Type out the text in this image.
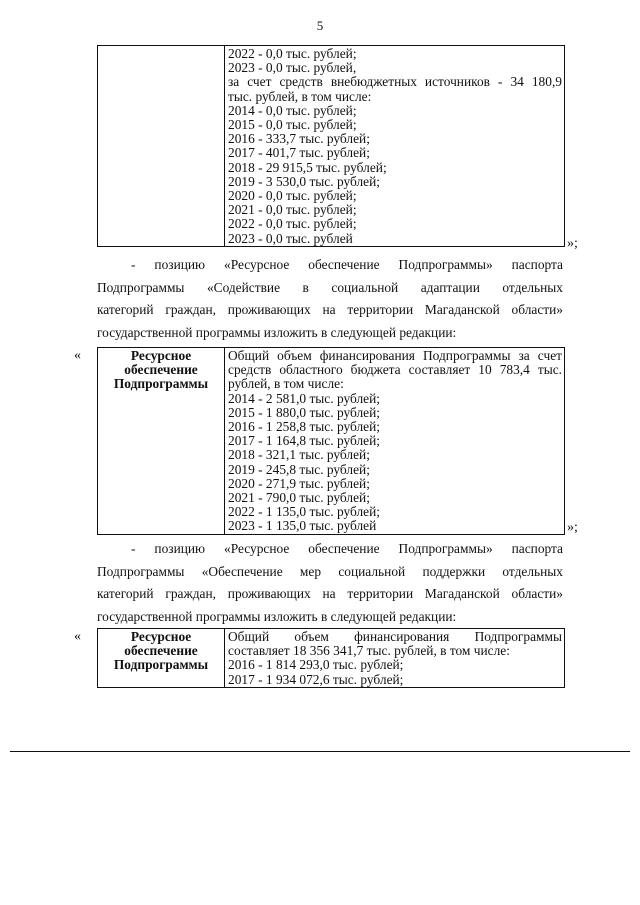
5

2022 - 0,0 тыс. рублей;
2023 - 0,0 тыс. рублей,
за счет средств внебюджетных источников - 34 180,9
тыс. рублей, в том числе:
2014 - 0,0 тыс. рублей;
2015 - 0,0 тыс. рублей;
2016 - 333,7 тыс. рублей;
2017 - 401,7 тыс. рублей;
2018 - 29 915,5 тыс. рублей;
2019 - 3 530,0 тыс. рублей;
2020 - 0,0 тыс. рублей;
2021 - 0,0 тыс. рублей;
2022 - 0,0 тыс. рублей;
2023 - 0,0 тыс. рублей	»;
- позицию «Ресурсное обеспечение Подпрограммы» паспорта
Подпрограммы «Содействие в социальной адаптации отдельных
категорий граждан, проживающих на территории Магаданской области»
государственной программы изложить в следующей редакции:
«	Ресурсное
обеспечение
Подпрограммы

Общий объем финансирования Подпрограммы за счет
средств областного бюджета составляет 10 783,4 тыс.
рублей, в том числе:
2014 - 2 581,0 тыс. рублей;
2015 - 1 880,0 тыс. рублей;
2016 - 1 258,8 тыс. рублей;
2017 - 1 164,8 тыс. рублей;
2018 - 321,1 тыс. рублей;
2019 - 245,8 тыс. рублей;
2020 - 271,9 тыс. рублей;
2021 - 790,0 тыс. рублей;
2022 - 1 135,0 тыс. рублей;
2023 - 1 135,0 тыс. рублей	»;
- позицию «Ресурсное обеспечение Подпрограммы» паспорта
Подпрограммы «Обеспечение мер социальной поддержки отдельных
категорий граждан, проживающих на территории Магаданской области»
государственной программы изложить в следующей редакции:
«	Ресурсное
обеспечение
Подпрограммы

Общий объем финансирования Подпрограммы
составляет 18 356 341,7 тыс. рублей, в том числе:
2016 - 1 814 293,0 тыс. рублей;
2017 - 1 934 072,6 тыс. рублей;
